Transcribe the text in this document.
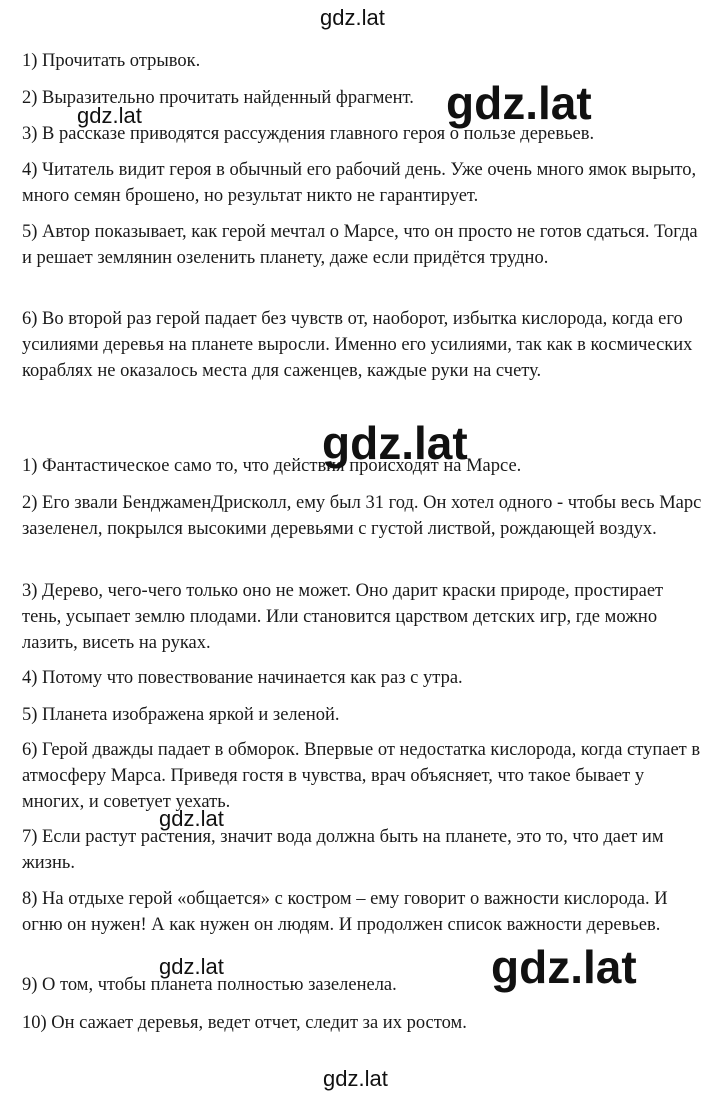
1) Прочитать отрывок.

2) Выразительно прочитать найденный фрагмент.

3) В рассказе приводятся рассуждения главного героя о пользе деревьев.

4) Читатель видит героя в обычный его рабочий день. Уже очень много ямок вырыто, много семян брошено, но результат никто не гарантирует.

5) Автор показывает, как герой мечтал о Марсе, что он просто не готов сдаться. Тогда и решает землянин озеленить планету, даже если придётся трудно.

6) Во второй раз герой падает без чувств от, наоборот, избытка кислорода, когда его усилиями деревья на планете выросли. Именно его усилиями, так как в космических кораблях не оказалось места для саженцев, каждые руки на счету.

1) Фантастическое само то, что действия происходят на Марсе.

2) Его звали БенджаменДрисколл, ему был 31 год. Он хотел одного - чтобы весь Марс зазеленел, покрылся высокими деревьями с густой листвой, рождающей воздух.

3) Дерево, чего-чего только оно не может. Оно дарит краски природе, простирает тень, усыпает землю плодами. Или становится царством детских игр, где можно лазить, висеть на руках.

4) Потому что повествование начинается как раз с утра.

5) Планета изображена яркой и зеленой.

6) Герой дважды падает в обморок. Впервые от недостатка кислорода, когда ступает в атмосферу Марса. Приведя гостя в чувства, врач объясняет, что такое бывает у многих, и советует уехать.

7) Если растут растения, значит вода должна быть на планете, это то, что дает им жизнь.

8) На отдыхе герой «общается» с костром – ему говорит о важности кислорода. И огню он нужен! А как нужен он людям. И продолжен список важности деревьев.

9) О том, чтобы планета полностью зазеленела.

10) Он сажает деревья, ведет отчет, следит за их ростом.

gdz.lat
gdz.lat
gdz.lat
gdz.lat
gdz.lat
gdz.lat	gdz.lat
gdz.lat
